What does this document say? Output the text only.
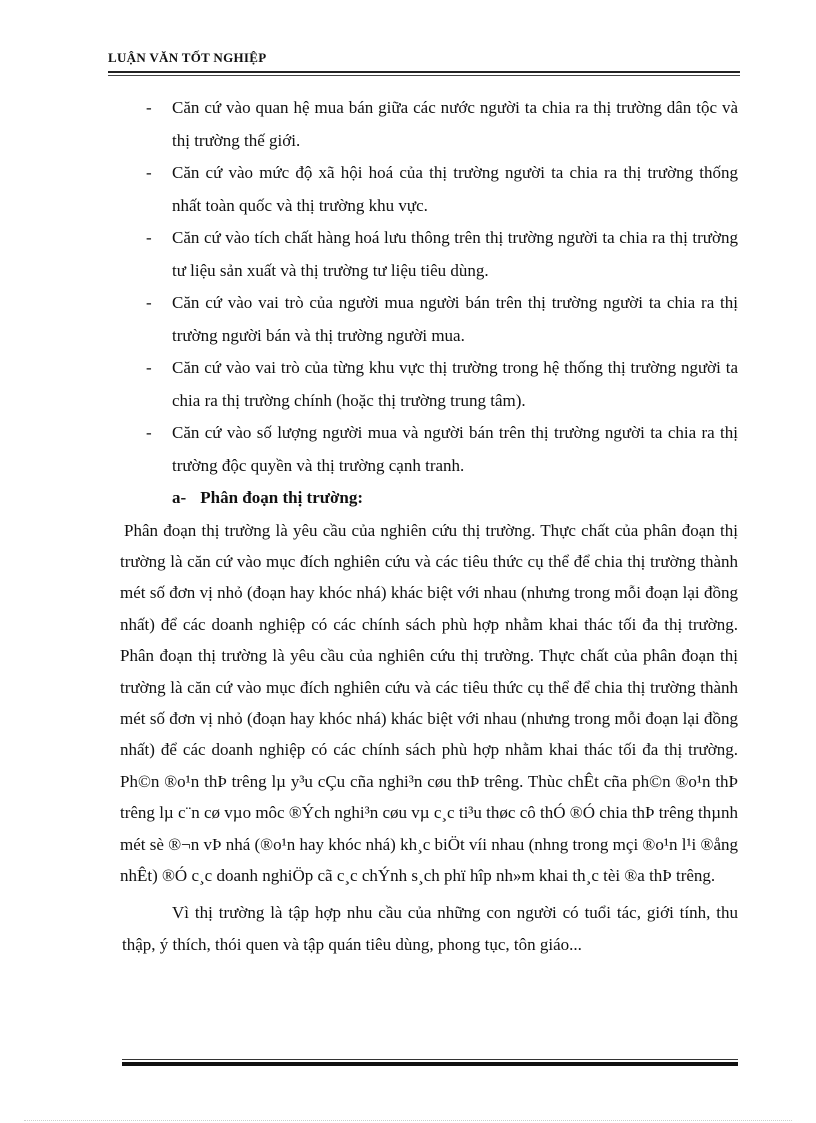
LUẬN VĂN TỐT NGHIỆP
- Căn cứ vào quan hệ mua bán giữa các nước người ta chia ra thị trường dân tộc và thị trường thế giới.
- Căn cứ vào mức độ xã hội hoá của thị trường người ta chia ra thị trường thống nhất toàn quốc và thị trường khu vực.
- Căn cứ vào tích chất hàng hoá lưu thông trên thị trường người ta chia ra thị trường tư liệu sản xuất và thị trường tư liệu tiêu dùng.
- Căn cứ vào vai trò của người mua người bán trên thị trường người ta chia ra thị trường người bán và thị trường người mua.
- Căn cứ vào vai trò của từng khu vực thị trường trong hệ thống thị trường người ta chia ra thị trường chính (hoặc thị trường trung tâm).
- Căn cứ vào số lượng người mua và người bán trên thị trường người ta chia ra thị trường độc quyền và thị trường cạnh tranh.
a- Phân đoạn thị trường:
Phân đoạn thị trường là yêu cầu của nghiên cứu thị trường. Thực chất của phân đoạn thị trường là căn cứ vào mục đích nghiên cứu và các tiêu thức cụ thể để chia thị trường thành mét số đơn vị nhỏ (đoạn hay khóc nhá) khác biệt với nhau (nhưng trong mỗi đoạn lại đồng nhất) để các doanh nghiệp có các chính sách phù hợp nhằm khai thác tối đa thị trường. Phân đoạn thị trường là yêu cầu của nghiên cứu thị trường. Thực chất của phân đoạn thị trường là căn cứ vào mục đích nghiên cứu và các tiêu thức cụ thể để chia thị trường thành mét số đơn vị nhỏ (đoạn hay khóc nhá) khác biệt với nhau (nhưng trong mỗi đoạn lại đồng nhất) để các doanh nghiệp có các chính sách phù hợp nhằm khai thác tối đa thị trường. Ph©n ®o¹n thÞ trêng lµ y³u cÇu cña nghi³n cøu thÞ trêng. Thùc chÊt cña ph©n ®o¹n thÞ trêng lµ c¨n cø vµo môc ®Ých nghi³n cøu vµ c¸c ti³u thøc cô thÓ ®Ó chia thÞ trêng thµnh mét sè ®¬n vÞ nhá (®o¹n hay khóc nhá) kh¸c biÖt víi nhau (nhng trong mçi ®o¹n l¹i ®ång nhÊt) ®Ó c¸c doanh nghiÖp cã c¸c chÝnh s¸ch phï hîp nh»m khai th¸c tèi ®a thÞ trêng.
Vì thị trường là tập hợp nhu cầu của những con người có tuổi tác, giới tính, thu thập, ý thích, thói quen và tập quán tiêu dùng, phong tục, tôn giáo...
